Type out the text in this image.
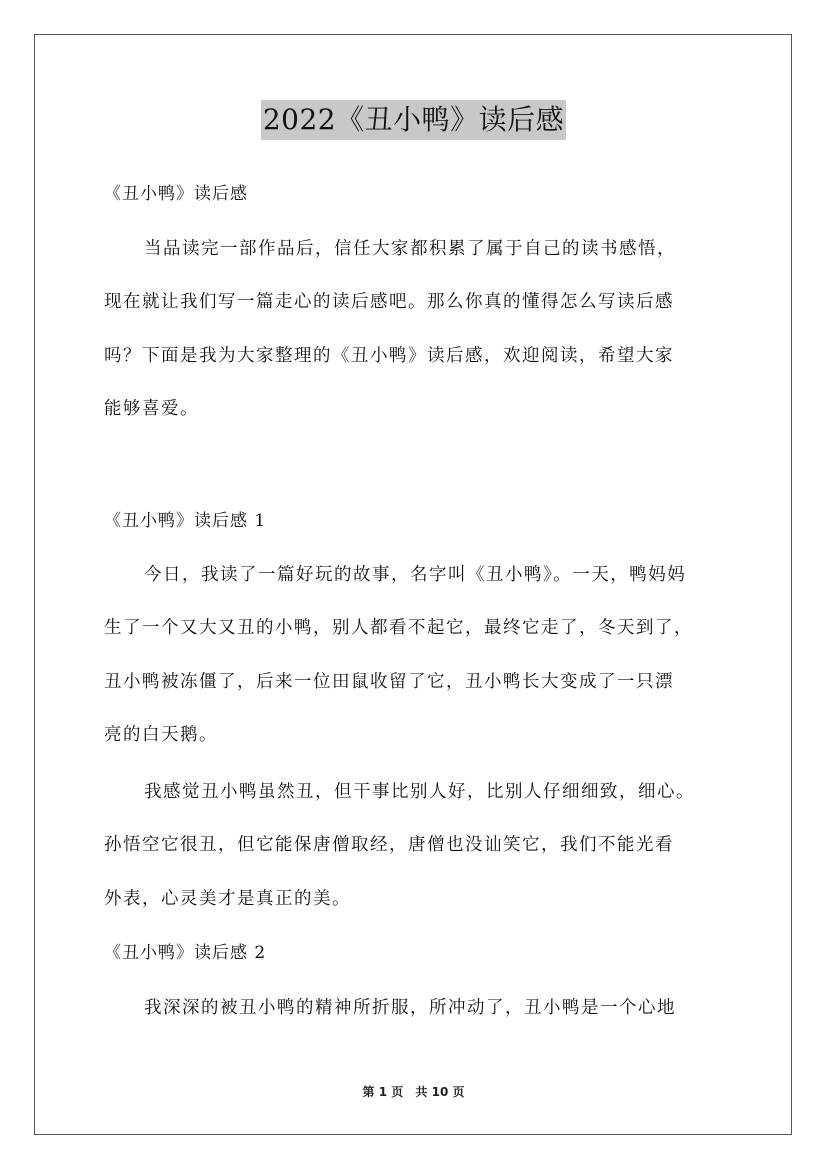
2022《丑小鸭》读后感
《丑小鸭》读后感
当品读完一部作品后，信任大家都积累了属于自己的读书感悟，
现在就让我们写一篇走心的读后感吧。那么你真的懂得怎么写读后感
吗？下面是我为大家整理的《丑小鸭》读后感，欢迎阅读，希望大家
能够喜爱。
《丑小鸭》读后感 1
今日，我读了一篇好玩的故事，名字叫《丑小鸭》。一天，鸭妈妈
生了一个又大又丑的小鸭，别人都看不起它，最终它走了，冬天到了，
丑小鸭被冻僵了，后来一位田鼠收留了它，丑小鸭长大变成了一只漂
亮的白天鹅。
我感觉丑小鸭虽然丑，但干事比别人好，比别人仔细细致，细心。
孙悟空它很丑，但它能保唐僧取经，唐僧也没讪笑它，我们不能光看
外表，心灵美才是真正的美。
《丑小鸭》读后感 2
我深深的被丑小鸭的精神所折服，所冲动了，丑小鸭是一个心地
第 1 页 共 10 页
